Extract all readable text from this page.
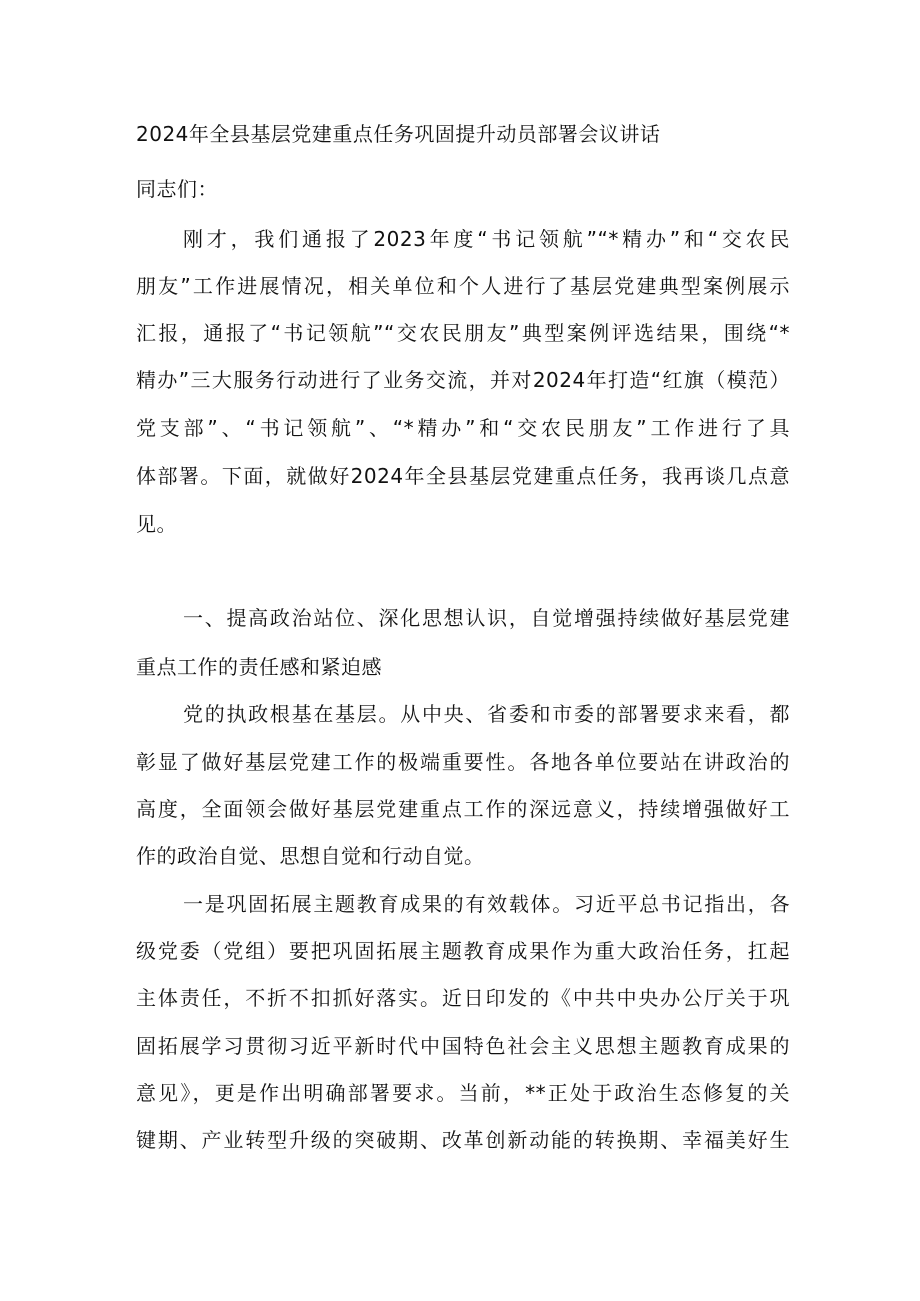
2024年全县基层党建重点任务巩固提升动员部署会议讲话
同志们：
刚才，我们通报了2023年度“书记领航”“*精办”和“交农民
朋友”工作进展情况，相关单位和个人进行了基层党建典型案例展示
汇报，通报了“书记领航”“交农民朋友”典型案例评选结果，围绕“*
精办”三大服务行动进行了业务交流，并对2024年打造“红旗（模范）
党支部”、“书记领航”、“*精办”和“交农民朋友”工作进行了具
体部署。下面，就做好2024年全县基层党建重点任务，我再谈几点意
见。
一、提高政治站位、深化思想认识，自觉增强持续做好基层党建
重点工作的责任感和紧迫感
党的执政根基在基层。从中央、省委和市委的部署要求来看，都
彰显了做好基层党建工作的极端重要性。各地各单位要站在讲政治的
高度，全面领会做好基层党建重点工作的深远意义，持续增强做好工
作的政治自觉、思想自觉和行动自觉。
一是巩固拓展主题教育成果的有效载体。习近平总书记指出，各
级党委（党组）要把巩固拓展主题教育成果作为重大政治任务，扛起
主体责任，不折不扣抓好落实。近日印发的《中共中央办公厅关于巩
固拓展学习贯彻习近平新时代中国特色社会主义思想主题教育成果的
意见》，更是作出明确部署要求。当前，**正处于政治生态修复的关
键期、产业转型升级的突破期、改革创新动能的转换期、幸福美好生
